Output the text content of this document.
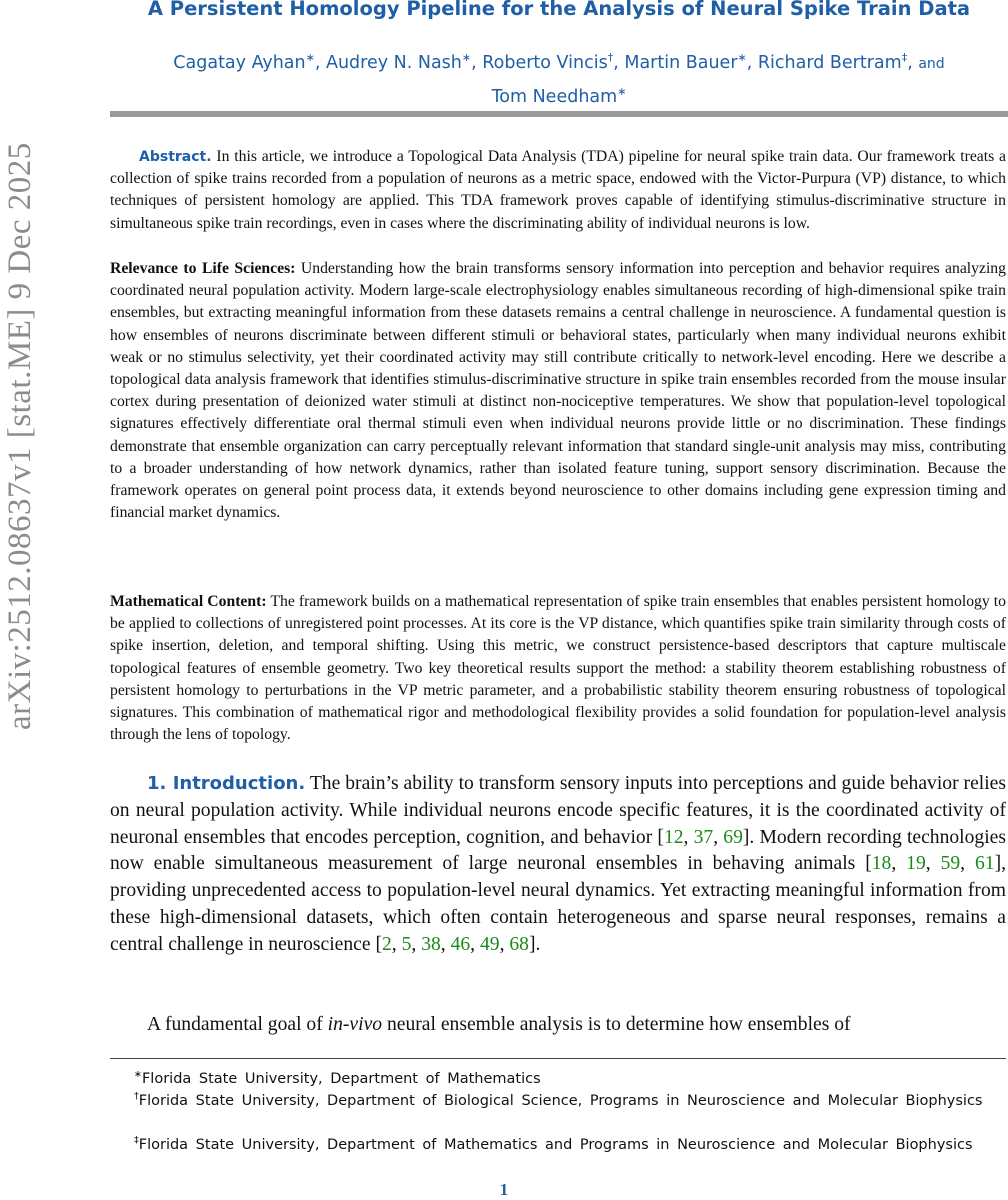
arXiv:2512.08637v1 [stat.ME] 9 Dec 2025
A Persistent Homology Pipeline for the Analysis of Neural Spike Train Data
Cagatay Ayhan∗, Audrey N. Nash∗, Roberto Vincis†, Martin Bauer∗, Richard Bertram‡, and
Tom Needham∗

Abstract. In this article, we introduce a Topological Data Analysis (TDA) pipeline for neural spike train data. Our framework treats a collection of spike trains recorded from a population of neurons as a metric space, endowed with the Victor-Purpura (VP) distance, to which techniques of persistent homology are applied. This TDA framework proves capable of identifying stimulus-discriminative structure in simultaneous spike train recordings, even in cases where the discriminating ability of individual neurons is low.

Relevance to Life Sciences: Understanding how the brain transforms sensory information into perception and behavior requires analyzing coordinated neural population activity. Modern large-scale electrophysiology enables simultaneous recording of high-dimensional spike train ensembles, but extracting meaningful information from these datasets remains a central challenge in neuroscience. A fundamental question is how ensembles of neurons discriminate between different stimuli or behavioral states, particularly when many individual neurons exhibit weak or no stimulus selectivity, yet their coordinated activity may still contribute critically to network-level encoding. Here we describe a topological data analysis framework that identifies stimulus-discriminative structure in spike train ensembles recorded from the mouse insular cortex during presentation of deionized water stimuli at distinct non-nociceptive temperatures. We show that population-level topological signatures effectively differentiate oral thermal stimuli even when individual neurons provide little or no discrimination. These findings demonstrate that ensemble organization can carry perceptually relevant information that standard single-unit analysis may miss, contributing to a broader understanding of how network dynamics, rather than isolated feature tuning, support sensory discrimination. Because the framework operates on general point process data, it extends beyond neuroscience to other domains including gene expression timing and financial market dynamics.

Mathematical Content: The framework builds on a mathematical representation of spike train ensembles that enables persistent homology to be applied to collections of unregistered point processes. At its core is the VP distance, which quantifies spike train similarity through costs of spike insertion, deletion, and temporal shifting. Using this metric, we construct persistence-based descriptors that capture multiscale topological features of ensemble geometry. Two key theoretical results support the method: a stability theorem establishing robustness of persistent homology to perturbations in the VP metric parameter, and a probabilistic stability theorem ensuring robustness of topological signatures. This combination of mathematical rigor and methodological flexibility provides a solid foundation for population-level analysis through the lens of topology.

1. Introduction. The brain’s ability to transform sensory inputs into perceptions and guide behavior relies on neural population activity. While individual neurons encode specific features, it is the coordinated activity of neuronal ensembles that encodes perception, cognition, and behavior [12, 37, 69]. Modern recording technologies now enable simultaneous measurement of large neuronal ensembles in behaving animals [18, 19, 59, 61], providing unprecedented access to population-level neural dynamics. Yet extracting meaningful information from these high-dimensional datasets, which often contain heterogeneous and sparse neural responses, remains a central challenge in neuroscience [2, 5, 38, 46, 49, 68].

A fundamental goal of in-vivo neural ensemble analysis is to determine how ensembles of

∗Florida State University, Department of Mathematics
†Florida State University, Department of Biological Science, Programs in Neuroscience and Molecular Biophysics
‡Florida State University, Department of Mathematics and Programs in Neuroscience and Molecular Biophysics
1
